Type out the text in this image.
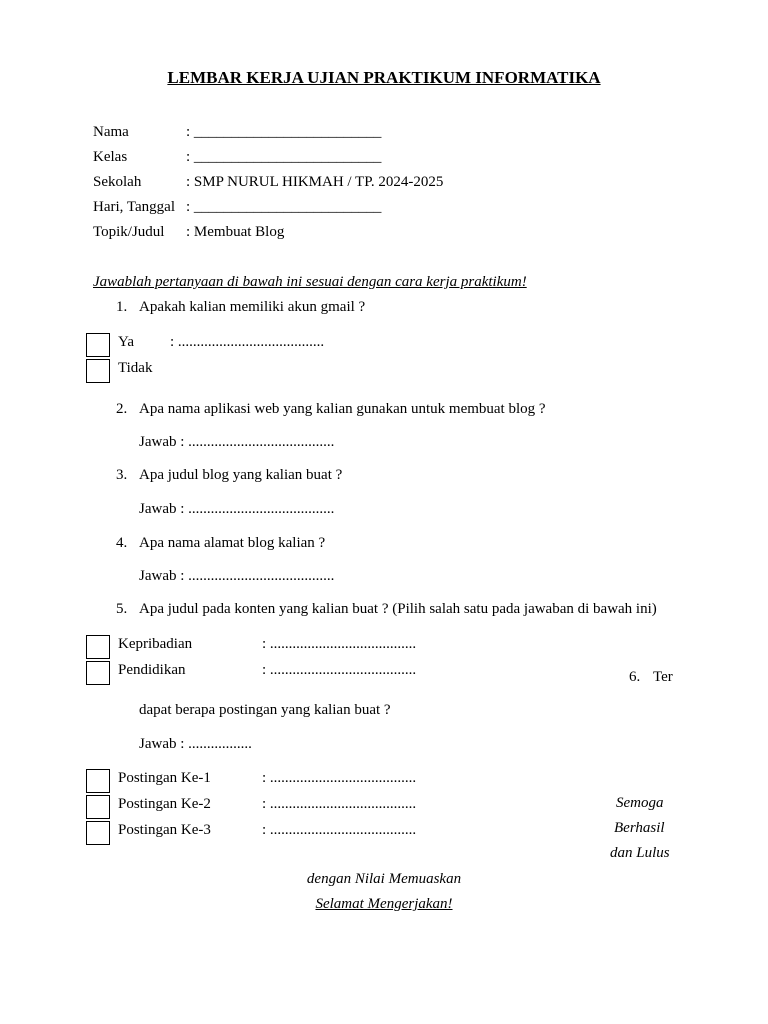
LEMBAR KERJA UJIAN PRAKTIKUM INFORMATIKA
Nama	: _________________________
Kelas	: _________________________
Sekolah	: SMP NURUL HIKMAH / TP. 2024-2025
Hari, Tanggal : _________________________
Topik/Judul : Membuat Blog
Jawablah pertanyaan di bawah ini sesuai dengan cara kerja praktikum!
1. Apakah kalian memiliki akun gmail ?
Ya : .......................................
Tidak
2. Apa nama aplikasi web yang kalian gunakan untuk membuat blog ?
Jawab : .......................................
3. Apa judul blog yang kalian buat ?
Jawab : .......................................
4. Apa nama alamat blog kalian ?
Jawab : .......................................
5. Apa judul pada konten yang kalian buat ? (Pilih salah satu pada jawaban di bawah ini)
Kepribadian	: .......................................
Pendidikan	: .......................................	6. Ter
dapat berapa postingan yang kalian buat ?
Jawab : .................
Postingan Ke-1	: .......................................
Postingan Ke-2	: .......................................
Postingan Ke-3	: .......................................
Semoga
Berhasil
dan Lulus
dengan Nilai Memuaskan
Selamat Mengerjakan!
